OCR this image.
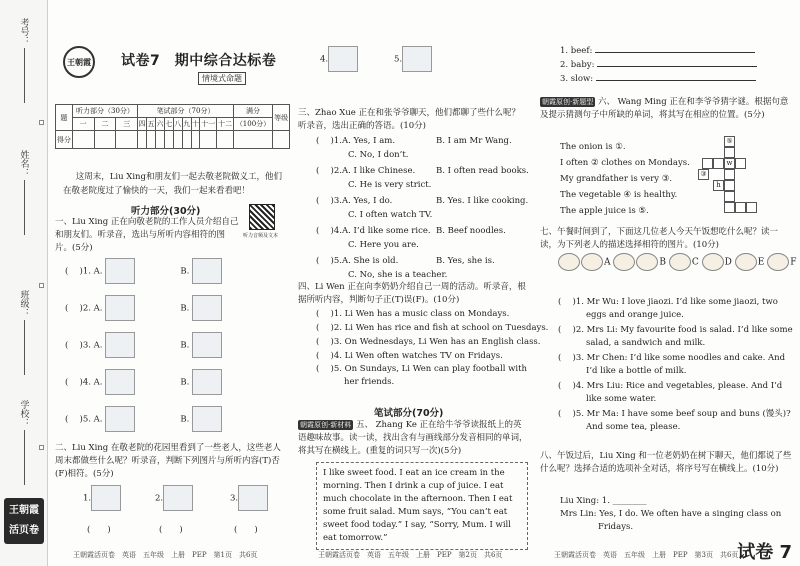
考号：
姓名：
班级：
学校：
王朝霞
活页卷
王朝霞 试卷7　期中综合达标卷
情境式命题
题	听力部分（30分）			笔试部分（70分）									满分	等级
	一	二	三	四	五	六	七	八	九	十	十一	十二	（100分）	
得分														
这周末，Liu Xing和朋友们一起去敬老院做义工，他们在敬老院度过了愉快的一天，我们一起来看看吧！
听力部分(30分)
听力音频及文本
一、Liu Xing 正在向敬老院的工作人员介绍自己和朋友们。听录音，选出与所听内容相符的图片。(5分)
(　 )1. A. 　　　　　	B.
(　 )2. A. 　　　　　	B.
(　 )3. A. 　　　　　	B.
(　 )4. A. 　　　　　	B.
(　 )5. A. 　　　　　	B.
二、Liu Xing 在敬老院的花园里看到了一些老人，这些老人周末都做些什么呢？听录音，判断下列图片与所听内容(T)否(F)相符。(5分)
1.	2.	3.
(　　)	(　　)	(　　)
王朝霞活页卷　英语　五年级　上册　PEP　第1页　共6页
4.	5.
三、Zhao Xue 正在和张爷爷聊天，他们都聊了些什么呢？听录音，选出正确的答语。(10分)
(　 )1.A. Yes, I am.	B. I am Mr Wang.
C. No, I don’t.
(　 )2.A. I like Chinese. B. I often read books.
C. He is very strict.
(　 )3.A. Yes, I do.	B. Yes. I like cooking.
C. I often watch TV.
(　 )4.A. I’d like some rice. B. Beef noodles.
C. Here you are.
(　 )5.A. She is old.	B. Yes, she is.
C. No, she is a teacher.
四、Li Wen 正在向李奶奶介绍自己一周的活动。听录音，根据所听内容，判断句子正(T)误(F)。(10分)
(　 )1. Li Wen has a music class on Mondays.
(　 )2. Li Wen has rice and fish at school on Tuesdays.
(　 )3. On Wednesdays, Li Wen has an English class.
(　 )4. Li Wen often watches TV on Fridays.
(　 )5. On Sundays, Li Wen can play football with her friends.
笔试部分(70分)
朝霞原创·新材料 五、 Zhang Ke 正在给牛爷爷读报纸上的英语趣味故事。读一读，找出含有与画线部分发音相同的单词，将其写在横线上。(重复的词只写一次)(5分)
I like sweet food. I eat an ice cream in the morning. Then I drink a cup of juice. I eat much chocolate in the afternoon. Then I eat some fruit salad. Mum says, “You can’t eat sweet food today.” I say, “Sorry, Mum. I will eat tomorrow.”
王朝霞活页卷　英语　五年级　上册　PEP　第2页　共6页
1. beef:
2. baby:
3. slow:
朝霞原创·新题型 六、 Wang Ming 正在和李爷爷猜字谜。根据句意及提示猜测句子中所缺的单词，将其写在相应的位置。(5分)
The onion is ①.
I often ② clothes on Mondays.
My grandfather is very ③.
The vegetable ④ is healthy.
The apple juice is ⑤.
⑤
w
③
h
七、午餐时间到了，下面这几位老人今天午饭想吃什么呢？读一读，为下列老人的描述选择相符的图片。(10分)
A	B	C	D	E	F
(　 )1. Mr Wu: I love jiaozi. I’d like some jiaozi, two eggs and orange juice.
(　 )2. Mrs Li: My favourite food is salad. I’d like some salad, a sandwich and milk.
(　 )3. Mr Chen: I’d like some noodles and cake. And I’d like a bottle of milk.
(　 )4. Mrs Liu: Rice and vegetables, please. And I’d like some water.
(　 )5. Mr Ma: I have some beef soup and buns (馒头)? And some tea, please.
八、午饭过后，Liu Xing 和一位老奶奶在树下聊天，他们都说了些什么呢？选择合适的选项补全对话，将序号写在横线上。(10分)
Liu Xing: 1. ________
Mrs Lin: Yes, I do. We often have a singing class on Fridays.
王朝霞活页卷　英语　五年级　上册　PEP　第3页　共6页
试卷 7
